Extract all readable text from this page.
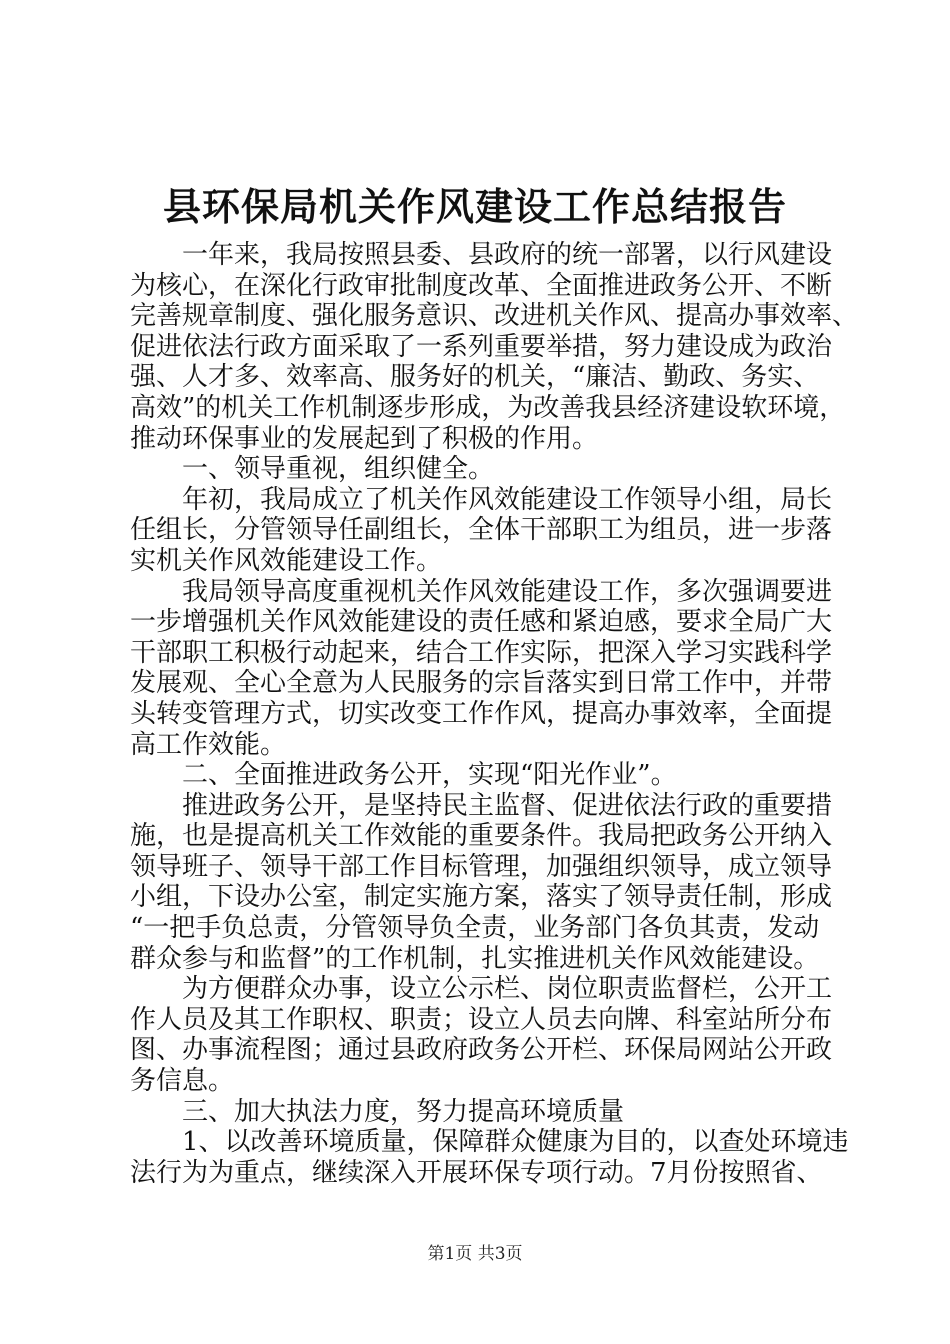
县环保局机关作风建设工作总结报告
　　一年来，我局按照县委、县政府的统一部署，以行风建设
为核心，在深化行政审批制度改革、全面推进政务公开、不断
完善规章制度、强化服务意识、改进机关作风、提高办事效率、
促进依法行政方面采取了一系列重要举措，努力建设成为政治
强、人才多、效率高、服务好的机关，“廉洁、勤政、务实、
高效”的机关工作机制逐步形成，为改善我县经济建设软环境，
推动环保事业的发展起到了积极的作用。
　　一、领导重视，组织健全。
　　年初，我局成立了机关作风效能建设工作领导小组，局长
任组长，分管领导任副组长，全体干部职工为组员，进一步落
实机关作风效能建设工作。
　　我局领导高度重视机关作风效能建设工作，多次强调要进
一步增强机关作风效能建设的责任感和紧迫感，要求全局广大
干部职工积极行动起来，结合工作实际，把深入学习实践科学
发展观、全心全意为人民服务的宗旨落实到日常工作中，并带
头转变管理方式，切实改变工作作风，提高办事效率，全面提
高工作效能。
　　二、全面推进政务公开，实现“阳光作业”。
　　推进政务公开，是坚持民主监督、促进依法行政的重要措
施，也是提高机关工作效能的重要条件。我局把政务公开纳入
领导班子、领导干部工作目标管理，加强组织领导，成立领导
小组，下设办公室，制定实施方案，落实了领导责任制，形成
“一把手负总责，分管领导负全责，业务部门各负其责，发动
群众参与和监督”的工作机制，扎实推进机关作风效能建设。
　　为方便群众办事，设立公示栏、岗位职责监督栏，公开工
作人员及其工作职权、职责；设立人员去向牌、科室站所分布
图、办事流程图；通过县政府政务公开栏、环保局网站公开政
务信息。
　　三、加大执法力度，努力提高环境质量
　　1、以改善环境质量，保障群众健康为目的，以查处环境违
法行为为重点，继续深入开展环保专项行动。7月份按照省、
第1页 共3页
